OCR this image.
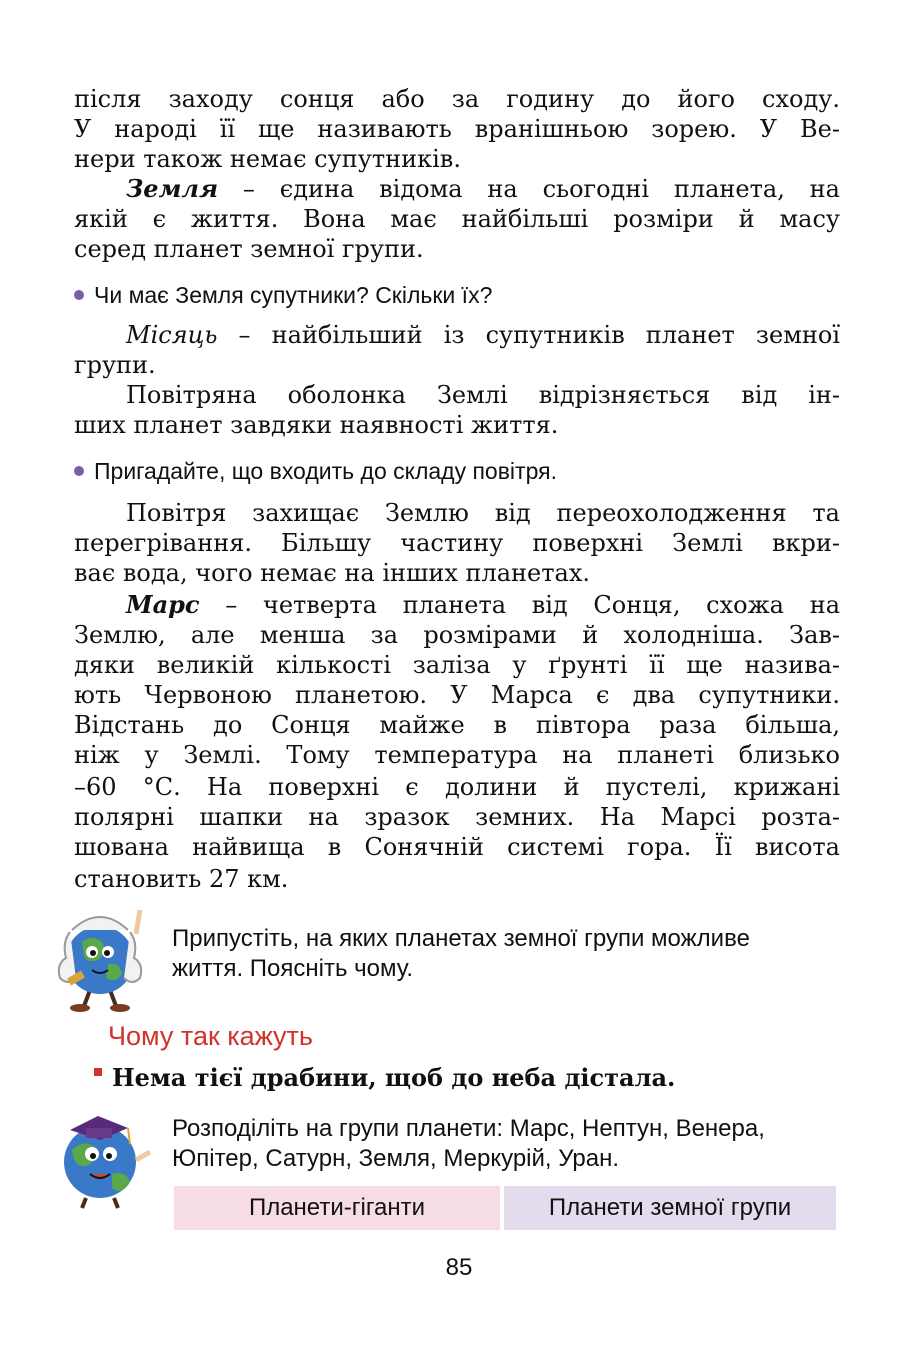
після заходу сонця або за годину до його сходу.
У народі її ще називають вранішньою зорею. У Ве-
нери також немає супутників.
Земля – єдина відома на сьогодні планета, на
якій є життя. Вона має найбільші розміри й масу
серед планет земної групи.
Чи має Земля супутники? Скільки їх?
Місяць – найбільший із супутників планет земної
групи.
Повітряна оболонка Землі відрізняється від ін-
ших планет завдяки наявності життя.
Пригадайте, що входить до складу повітря.
Повітря захищає Землю від переохолодження та
перегрівання. Більшу частину поверхні Землі вкри-
ває вода, чого немає на інших планетах.
Марс – четверта планета від Сонця, схожа на
Землю, але менша за розмірами й холодніша. Зав-
дяки великій кількості заліза у ґрунті її ще назива-
ють Червоною планетою. У Марса є два супутники.
Відстань до Сонця майже в півтора раза більша,
ніж у Землі. Тому температура на планеті близько
–60 °С. На поверхні є долини й пустелі, крижані
полярні шапки на зразок земних. На Марсі розта-
шована найвища в Сонячній системі гора. Її висота
становить 27 км.
Припустіть, на яких планетах земної групи можливе
життя. Поясніть чому.
Чому так кажуть
Нема тієї драбини, щоб до неба дістала.
Розподіліть на групи планети: Марс, Нептун, Венера,
Юпітер, Сатурн, Земля, Меркурій, Уран.
Планети-гіганти	Планети земної групи
85
